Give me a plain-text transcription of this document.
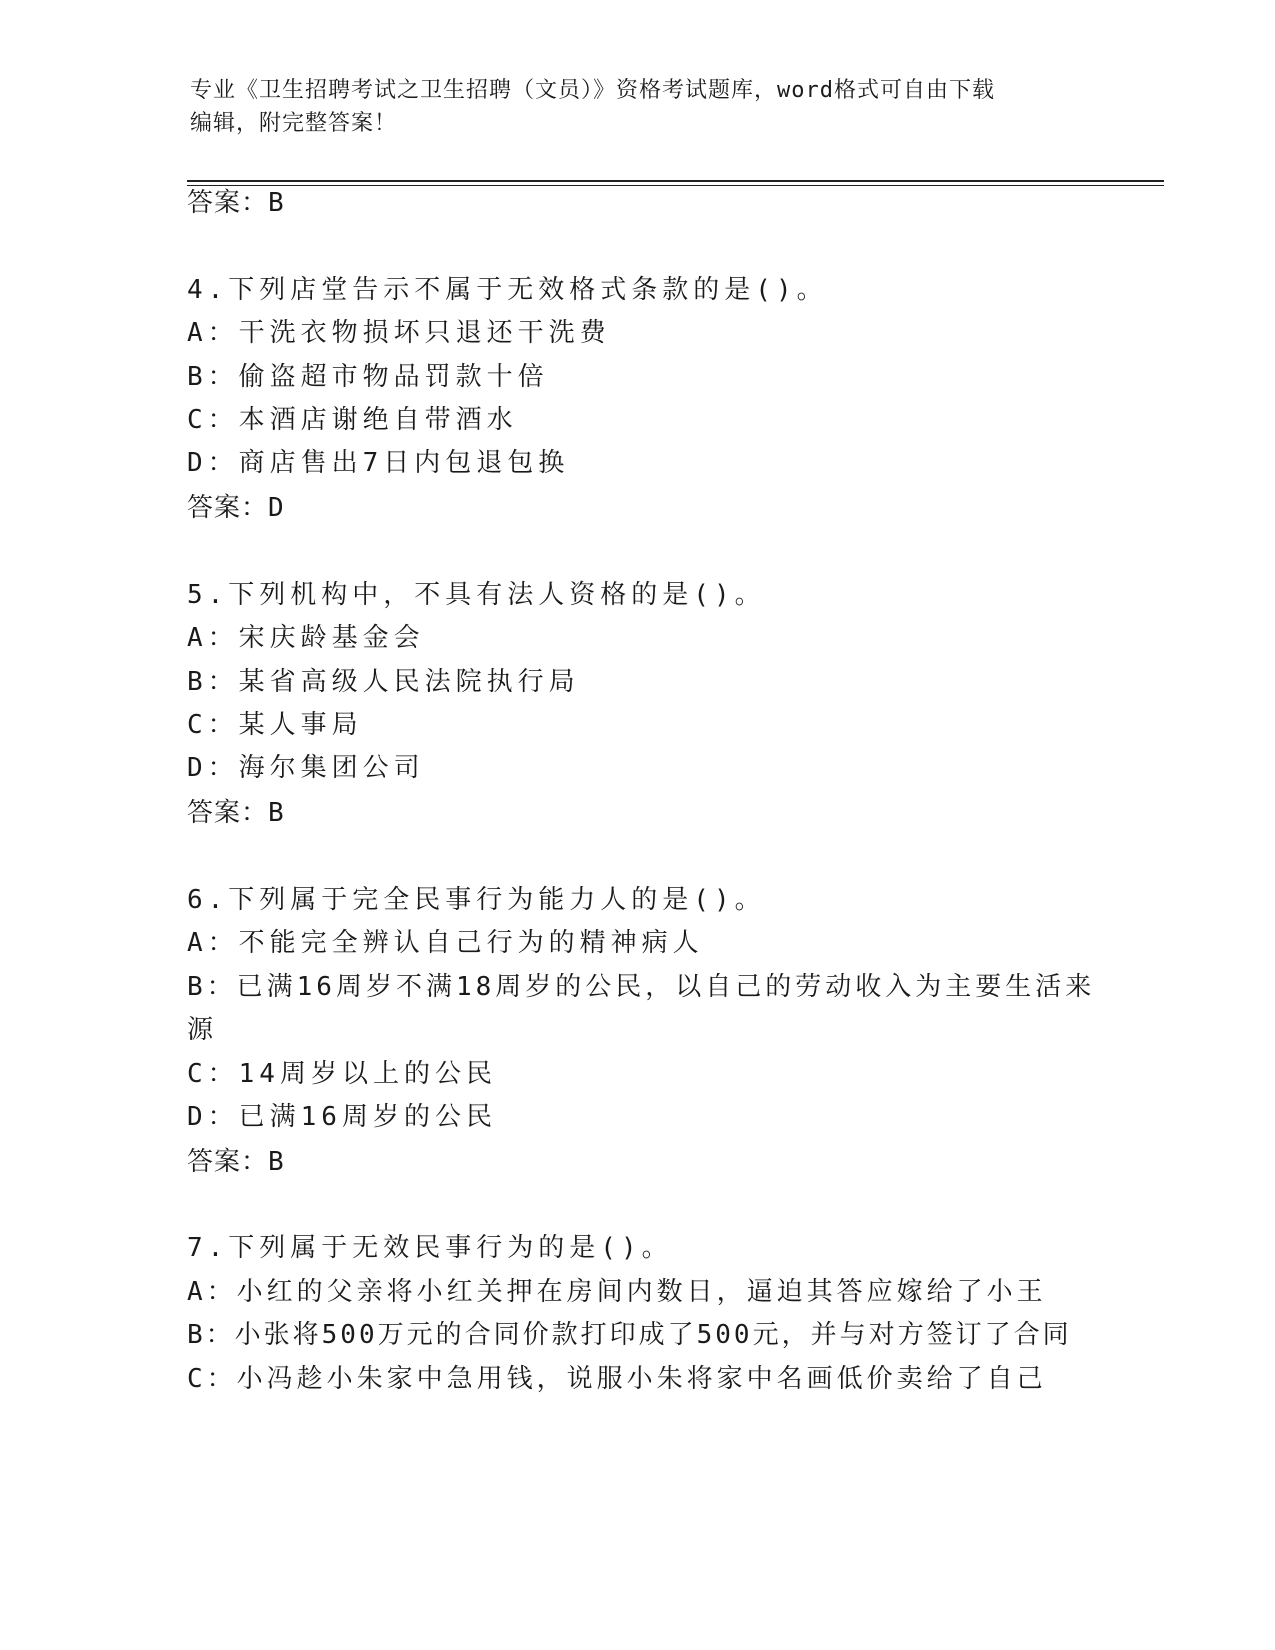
专业《卫生招聘考试之卫生招聘（文员）》资格考试题库，word格式可自由下载
编辑，附完整答案！
答案：B
4.下列店堂告示不属于无效格式条款的是()。
A：干洗衣物损坏只退还干洗费
B：偷盗超市物品罚款十倍
C：本酒店谢绝自带酒水
D：商店售出7日内包退包换
答案：D
5.下列机构中，不具有法人资格的是()。
A：宋庆龄基金会
B：某省高级人民法院执行局
C：某人事局
D：海尔集团公司
答案：B
6.下列属于完全民事行为能力人的是()。
A：不能完全辨认自己行为的精神病人
B：已满16周岁不满18周岁的公民，以自己的劳动收入为主要生活来
源
C：14周岁以上的公民
D：已满16周岁的公民
答案：B
7.下列属于无效民事行为的是()。
A：小红的父亲将小红关押在房间内数日，逼迫其答应嫁给了小王
B：小张将500万元的合同价款打印成了500元，并与对方签订了合同
C：小冯趁小朱家中急用钱，说服小朱将家中名画低价卖给了自己
